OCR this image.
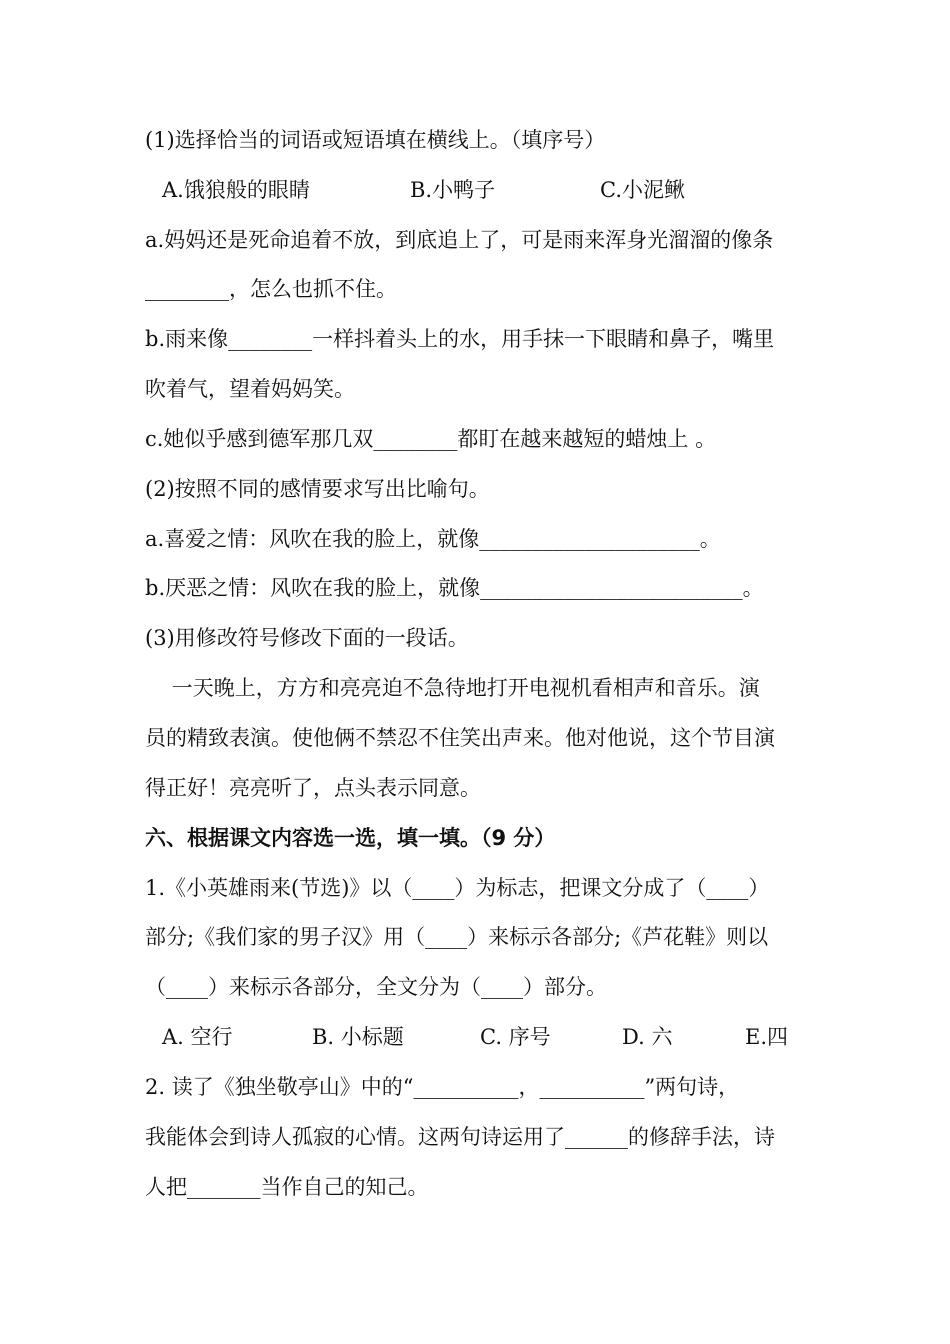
(1)选择恰当的词语或短语填在横线上。（填序号）
A.饿狼般的眼睛	B.小鸭子	C.小泥鳅
a.妈妈还是死命追着不放，到底追上了，可是雨来浑身光溜溜的像条
________，怎么也抓不住。
b.雨来像________一样抖着头上的水，用手抹一下眼睛和鼻子，嘴里
吹着气，望着妈妈笑。
c.她似乎感到德军那几双________都盯在越来越短的蜡烛上 。
(2)按照不同的感情要求写出比喻句。
a.喜爱之情：风吹在我的脸上，就像_____________________。
b.厌恶之情：风吹在我的脸上，就像_________________________。
(3)用修改符号修改下面的一段话。
一天晚上，方方和亮亮迫不急待地打开电视机看相声和音乐。演
员的精致表演。使他俩不禁忍不住笑出声来。他对他说，这个节目演
得正好！亮亮听了，点头表示同意。
六、根据课文内容选一选，填一填。（9 分）
1.《小英雄雨来(节选)》以（____）为标志，把课文分成了（____）
部分;《我们家的男子汉》用（____）来标示各部分;《芦花鞋》则以
（____）来标示各部分，全文分为（____）部分。
A. 空行	B. 小标题	C. 序号	D. 六	E.四
2. 读了《独坐敬亭山》中的“__________，__________”两句诗，
我能体会到诗人孤寂的心情。这两句诗运用了______的修辞手法，诗
人把_______当作自己的知己。
